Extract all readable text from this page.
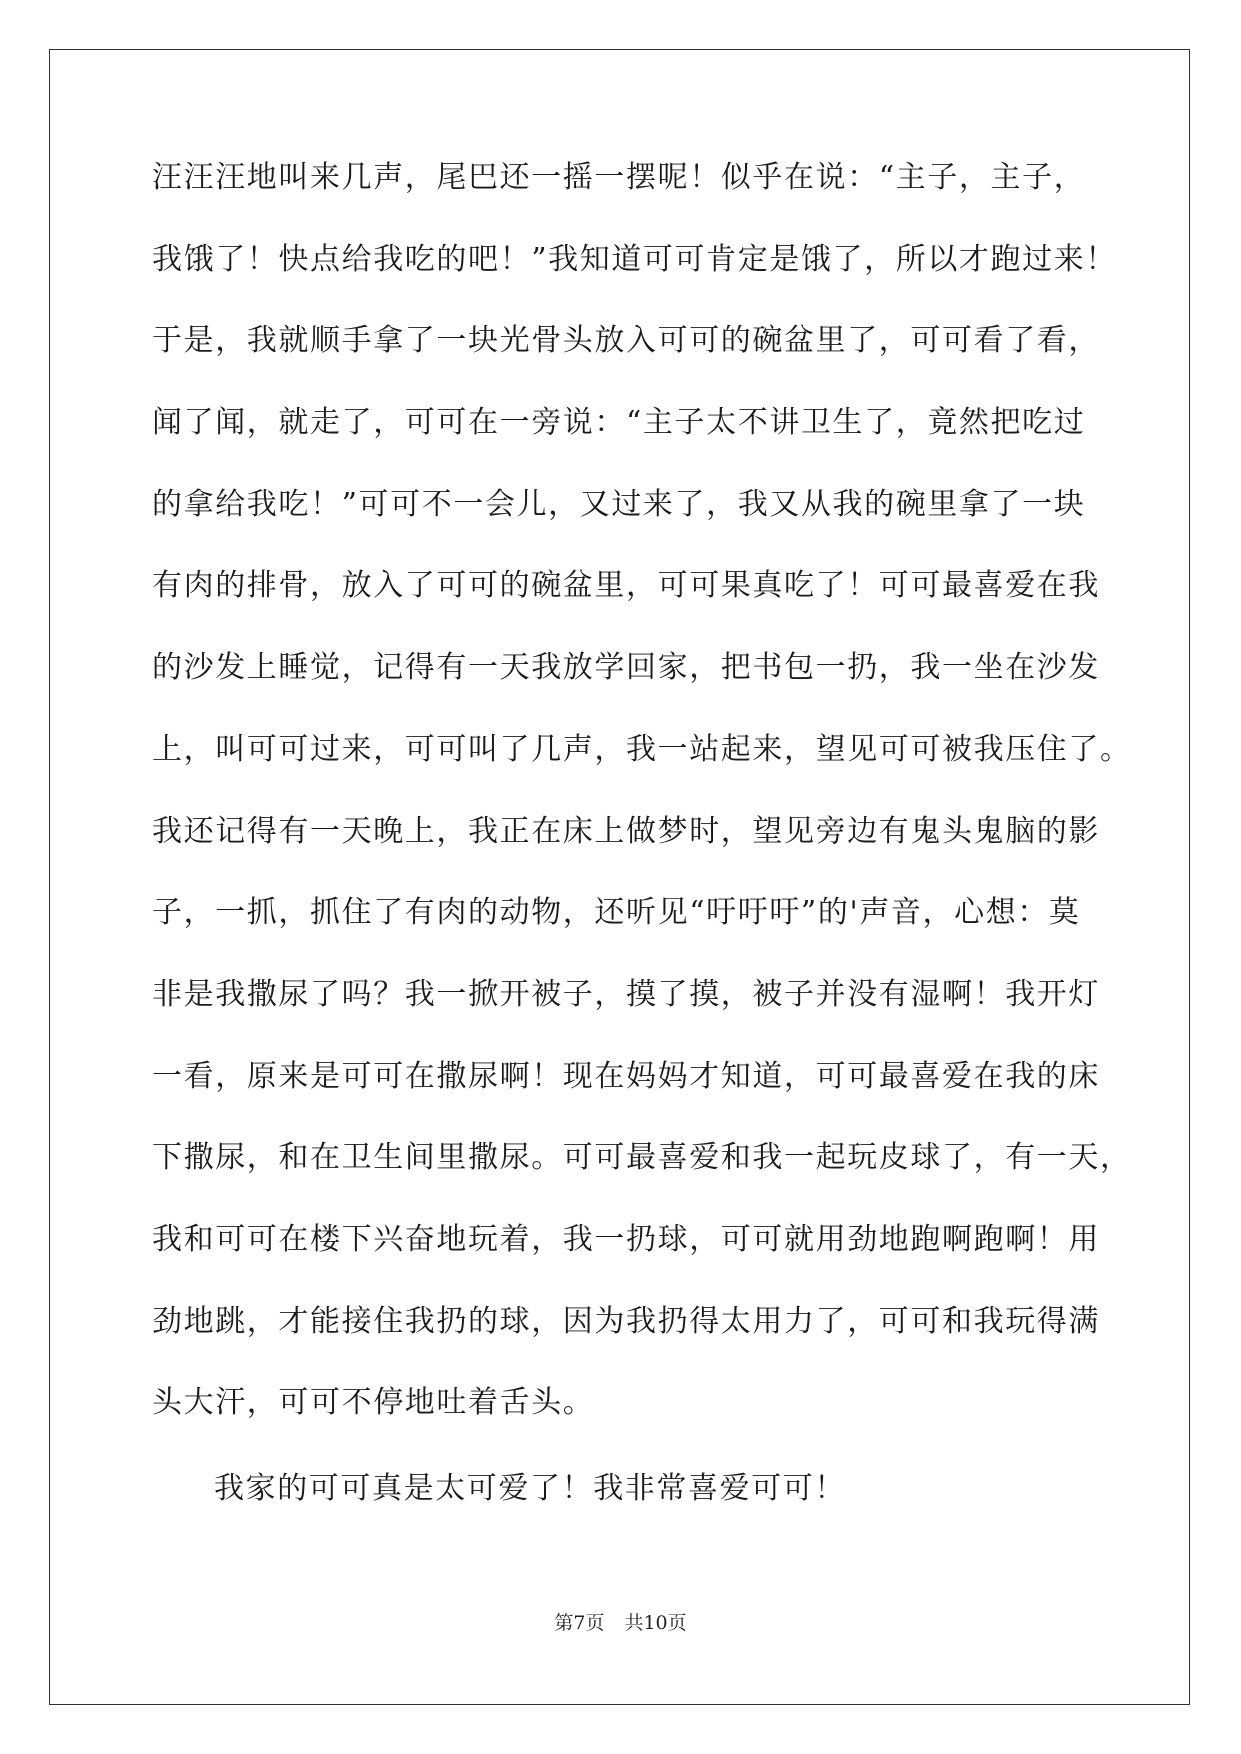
汪汪汪地叫来几声，尾巴还一摇一摆呢！似乎在说：“主子，主子，
我饿了！快点给我吃的吧！”我知道可可肯定是饿了，所以才跑过来！
于是，我就顺手拿了一块光骨头放入可可的碗盆里了，可可看了看，
闻了闻，就走了，可可在一旁说：“主子太不讲卫生了，竟然把吃过
的拿给我吃！”可可不一会儿，又过来了，我又从我的碗里拿了一块
有肉的排骨，放入了可可的碗盆里，可可果真吃了！可可最喜爱在我
的沙发上睡觉，记得有一天我放学回家，把书包一扔，我一坐在沙发
上，叫可可过来，可可叫了几声，我一站起来，望见可可被我压住了。
我还记得有一天晚上，我正在床上做梦时，望见旁边有鬼头鬼脑的影
子，一抓，抓住了有肉的动物，还听见“吁吁吁”的'声音，心想：莫
非是我撒尿了吗？我一掀开被子，摸了摸，被子并没有湿啊！我开灯
一看，原来是可可在撒尿啊！现在妈妈才知道，可可最喜爱在我的床
下撒尿，和在卫生间里撒尿。可可最喜爱和我一起玩皮球了，有一天，
我和可可在楼下兴奋地玩着，我一扔球，可可就用劲地跑啊跑啊！用
劲地跳，才能接住我扔的球，因为我扔得太用力了，可可和我玩得满
头大汗，可可不停地吐着舌头。
我家的可可真是太可爱了！我非常喜爱可可！
第7页 共10页
